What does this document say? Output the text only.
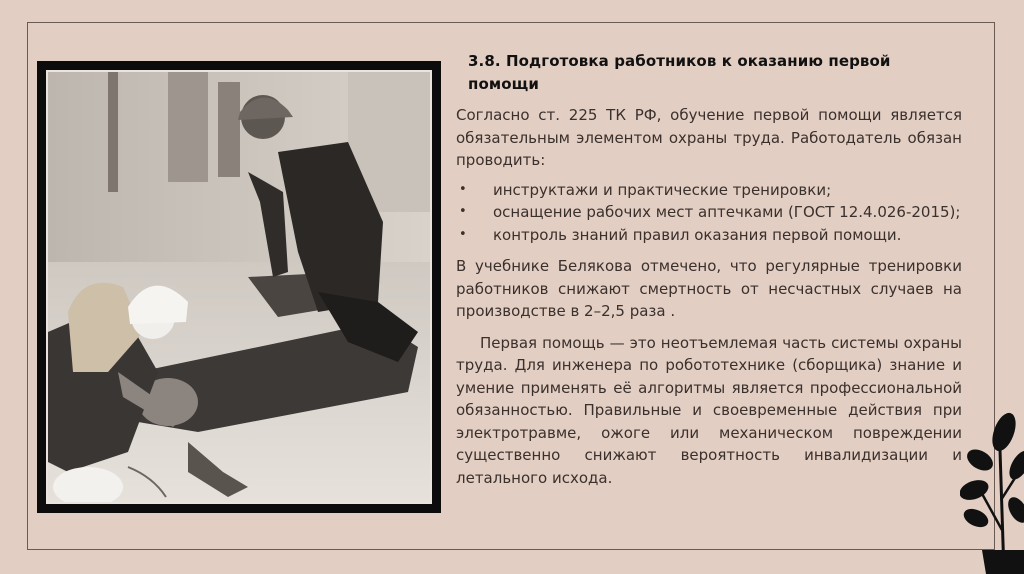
3.8. Подготовка работников к оказанию первой помощи

Согласно ст. 225 ТК РФ, обучение первой помощи является обязательным элементом охраны труда. Работодатель обязан проводить:

• инструктажи и практические тренировки;
• оснащение рабочих мест аптечками (ГОСТ 12.4.026-2015);
• контроль знаний правил оказания первой помощи.

В учебнике Белякова отмечено, что регулярные тренировки работников снижают смертность от несчастных случаев на производстве в 2–2,5 раза .

Первая помощь — это неотъемлемая часть системы охраны труда. Для инженера по робототехнике (сборщика) знание и умение применять её алгоритмы является профессиональной обязанностью. Правильные и своевременные действия при электротравме, ожоге или механическом повреждении существенно снижают вероятность инвалидизации и летального исхода.
